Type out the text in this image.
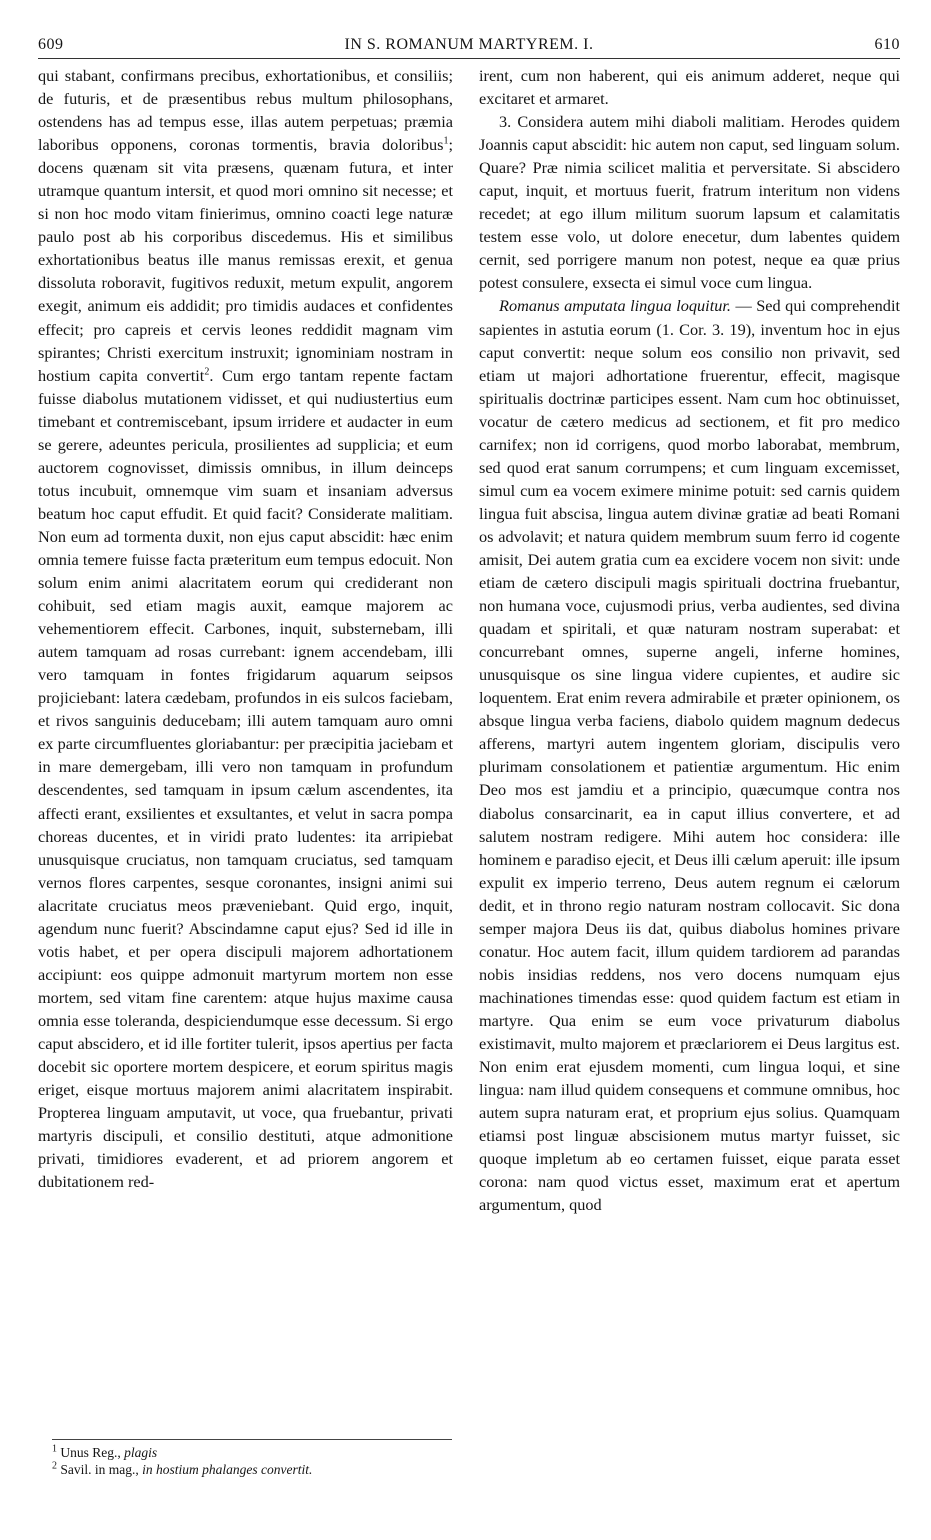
609	IN S. ROMANUM MARTYREM. I.	610

qui stabant, confirmans precibus, exhortationibus, et consiliis; de futuris, et de præsentibus rebus multum philosophans, ostendens has ad tempus esse, illas autem perpetuas; præmia laboribus opponens, coronas tormentis, bravia doloribus$^1$; docens quænam sit vita præsens, quænam futura, et inter utramque quantum intersit, et quod mori omnino sit necesse; et si non hoc modo vitam finierimus, omnino coacti lege naturæ paulo post ab his corporibus discedemus. His et similibus exhortationibus beatus ille manus remissas erexit, et genua dissoluta roboravit, fugitivos reduxit, metum expulit, angorem exegit, animum eis addidit; pro timidis audaces et confidentes effecit; pro capreis et cervis leones reddidit magnam vim spirantes; Christi exercitum instruxit; ignominiam nostram in hostium capita convertit$^2$. Cum ergo tantam repente factam fuisse diabolus mutationem vidisset, et qui nudiustertius eum timebant et contremiscebant, ipsum irridere et audacter in eum se gerere, adeuntes pericula, prosilientes ad supplicia; et eum auctorem cognovisset, dimissis omnibus, in illum deinceps totus incubuit, omnemque vim suam et insaniam adversus beatum hoc caput effudit. Et quid facit? Considerate malitiam. Non eum ad tormenta duxit, non ejus caput abscidit: hæc enim omnia temere fuisse facta præteritum eum tempus edocuit. Non solum enim animi alacritatem eorum qui crediderant non cohibuit, sed etiam magis auxit, eamque majorem ac vehementiorem effecit. Carbones, inquit, substernebam, illi autem tamquam ad rosas currebant: ignem accendebam, illi vero tamquam in fontes frigidarum aquarum seipsos projiciebant: latera cædebam, profundos in eis sulcos faciebam, et rivos sanguinis deducebam; illi autem tamquam auro omni ex parte circumfluentes gloriabantur: per præcipitia jaciebam et in mare demergebam, illi vero non tamquam in profundum descendentes, sed tamquam in ipsum cælum ascendentes, ita affecti erant, exsilientes et exsultantes, et velut in sacra pompa choreas ducentes, et in viridi prato ludentes: ita arripiebat unusquisque cruciatus, non tamquam cruciatus, sed tamquam vernos flores carpentes, sesque coronantes, insigni animi sui alacritate cruciatus meos præveniebant. Quid ergo, inquit, agendum nunc fuerit? Abscindamne caput ejus? Sed id ille in votis habet, et per opera discipuli majorem adhortationem accipiunt: eos quippe admonuit martyrum mortem non esse mortem, sed vitam fine carentem: atque hujus maxime causa omnia esse toleranda, despiciendumque esse decessum. Si ergo caput abscidero, et id ille fortiter tulerit, ipsos apertius per facta docebit sic oportere mortem despicere, et eorum spiritus magis eriget, eisque mortuus majorem animi alacritatem inspirabit. Propterea linguam amputavit, ut voce, qua fruebantur, privati martyris discipuli, et consilio destituti, atque admonitione privati, timidiores evaderent, et ad priorem angorem et dubitationem red-

irent, cum non haberent, qui eis animum adderet, neque qui excitaret et armaret.

3. Considera autem mihi diaboli malitiam. Herodes quidem Joannis caput abscidit: hic autem non caput, sed linguam solum. Quare? Præ nimia scilicet malitia et perversitate. Si abscidero caput, inquit, et mortuus fuerit, fratrum interitum non videns recedet; at ego illum militum suorum lapsum et calamitatis testem esse volo, ut dolore enecetur, dum labentes quidem cernit, sed porrigere manum non potest, neque ea quæ prius potest consulere, exsecta ei simul voce cum lingua.

Romanus amputata lingua loquitur. — Sed qui comprehendit sapientes in astutia eorum (1. Cor. 3. 19), inventum hoc in ejus caput convertit: neque solum eos consilio non privavit, sed etiam ut majori adhortatione fruerentur, effecit, magisque spiritualis doctrinæ participes essent. Nam cum hoc obtinuisset, vocatur de cætero medicus ad sectionem, et fit pro medico carnifex; non id corrigens, quod morbo laborabat, membrum, sed quod erat sanum corrumpens; et cum linguam excemisset, simul cum ea vocem eximere minime potuit: sed carnis quidem lingua fuit abscisa, lingua autem divinæ gratiæ ad beati Romani os advolavit; et natura quidem membrum suum ferro id cogente amisit, Dei autem gratia cum ea excidere vocem non sivit: unde etiam de cætero discipuli magis spirituali doctrina fruebantur, non humana voce, cujusmodi prius, verba audientes, sed divina quadam et spiritali, et quæ naturam nostram superabat: et concurrebant omnes, superne angeli, inferne homines, unusquisque os sine lingua videre cupientes, et audire sic loquentem. Erat enim revera admirabile et præter opinionem, os absque lingua verba faciens, diabolo quidem magnum dedecus afferens, martyri autem ingentem gloriam, discipulis vero plurimam consolationem et patientiæ argumentum. Hic enim Deo mos est jamdiu et a principio, quæcumque contra nos diabolus consarcinarit, ea in caput illius convertere, et ad salutem nostram redigere. Mihi autem hoc considera: ille hominem e paradiso ejecit, et Deus illi cælum aperuit: ille ipsum expulit ex imperio terreno, Deus autem regnum ei cælorum dedit, et in throno regio naturam nostram collocavit. Sic dona semper majora Deus iis dat, quibus diabolus homines privare conatur. Hoc autem facit, illum quidem tardiorem ad parandas nobis insidias reddens, nos vero docens numquam ejus machinationes timendas esse: quod quidem factum est etiam in martyre. Qua enim se eum voce privaturum diabolus existimavit, multo majorem et præclariorem ei Deus largitus est. Non enim erat ejusdem momenti, cum lingua loqui, et sine lingua: nam illud quidem consequens et commune omnibus, hoc autem supra naturam erat, et proprium ejus solius. Quamquam etiamsi post linguæ abscisionem mutus martyr fuisset, sic quoque impletum ab eo certamen fuisset, eique parata esset corona: nam quod victus esset, maximum erat et apertum argumentum, quod

$^1$ Unus Reg., plagis

$^2$ Savil. in mag., in hostium phalanges convertit.
